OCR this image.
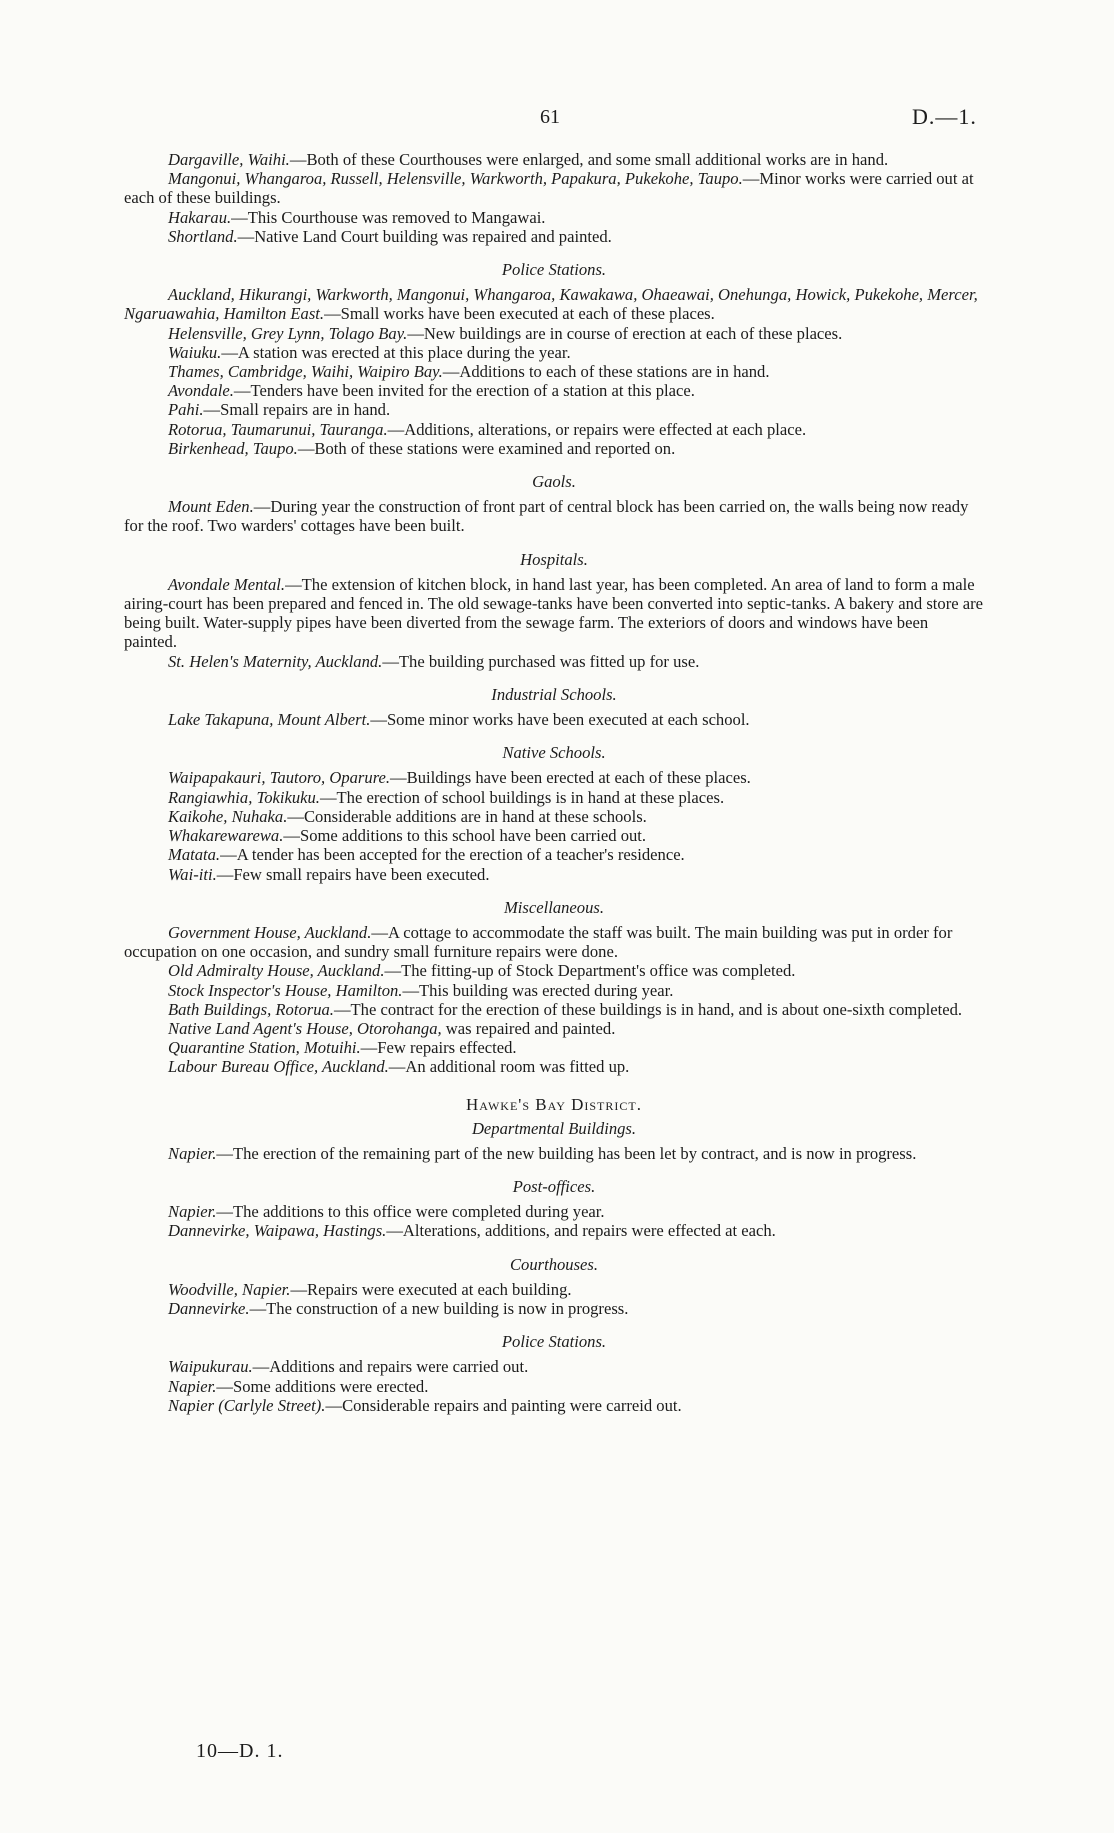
61	D.—1.

Dargaville, Waihi.—Both of these Courthouses were enlarged, and some small additional works are in hand.

Mangonui, Whangaroa, Russell, Helensville, Warkworth, Papakura, Pukekohe, Taupo.—Minor works were carried out at each of these buildings.

Hakarau.—This Courthouse was removed to Mangawai.

Shortland.—Native Land Court building was repaired and painted.

Police Stations.

Auckland, Hikurangi, Warkworth, Mangonui, Whangaroa, Kawakawa, Ohaeawai, Onehunga, Howick, Pukekohe, Mercer, Ngaruawahia, Hamilton East.—Small works have been executed at each of these places.

Helensville, Grey Lynn, Tolago Bay.—New buildings are in course of erection at each of these places.

Waiuku.—A station was erected at this place during the year.

Thames, Cambridge, Waihi, Waipiro Bay.—Additions to each of these stations are in hand.

Avondale.—Tenders have been invited for the erection of a station at this place.

Pahi.—Small repairs are in hand.

Rotorua, Taumarunui, Tauranga.—Additions, alterations, or repairs were effected at each place.

Birkenhead, Taupo.—Both of these stations were examined and reported on.

Gaols.

Mount Eden.—During year the construction of front part of central block has been carried on, the walls being now ready for the roof. Two warders' cottages have been built.

Hospitals.

Avondale Mental.—The extension of kitchen block, in hand last year, has been completed. An area of land to form a male airing-court has been prepared and fenced in. The old sewage-tanks have been converted into septic-tanks. A bakery and store are being built. Water-supply pipes have been diverted from the sewage farm. The exteriors of doors and windows have been painted.

St. Helen's Maternity, Auckland.—The building purchased was fitted up for use.

Industrial Schools.

Lake Takapuna, Mount Albert.—Some minor works have been executed at each school.

Native Schools.

Waipapakauri, Tautoro, Oparure.—Buildings have been erected at each of these places.

Rangiawhia, Tokikuku.—The erection of school buildings is in hand at these places.

Kaikohe, Nuhaka.—Considerable additions are in hand at these schools.

Whakarewarewa.—Some additions to this school have been carried out.

Matata.—A tender has been accepted for the erection of a teacher's residence.

Wai-iti.—Few small repairs have been executed.

Miscellaneous.

Government House, Auckland.—A cottage to accommodate the staff was built. The main building was put in order for occupation on one occasion, and sundry small furniture repairs were done.

Old Admiralty House, Auckland.—The fitting-up of Stock Department's office was completed.

Stock Inspector's House, Hamilton.—This building was erected during year.

Bath Buildings, Rotorua.—The contract for the erection of these buildings is in hand, and is about one-sixth completed.

Native Land Agent's House, Otorohanga, was repaired and painted.

Quarantine Station, Motuihi.—Few repairs effected.

Labour Bureau Office, Auckland.—An additional room was fitted up.

Hawke's Bay District.
Departmental Buildings.

Napier.—The erection of the remaining part of the new building has been let by contract, and is now in progress.

Post-offices.

Napier.—The additions to this office were completed during year.

Dannevirke, Waipawa, Hastings.—Alterations, additions, and repairs were effected at each.

Courthouses.

Woodville, Napier.—Repairs were executed at each building.

Dannevirke.—The construction of a new building is now in progress.

Police Stations.

Waipukurau.—Additions and repairs were carried out.

Napier.—Some additions were erected.

Napier (Carlyle Street).—Considerable repairs and painting were carreid out.

10—D. 1.
